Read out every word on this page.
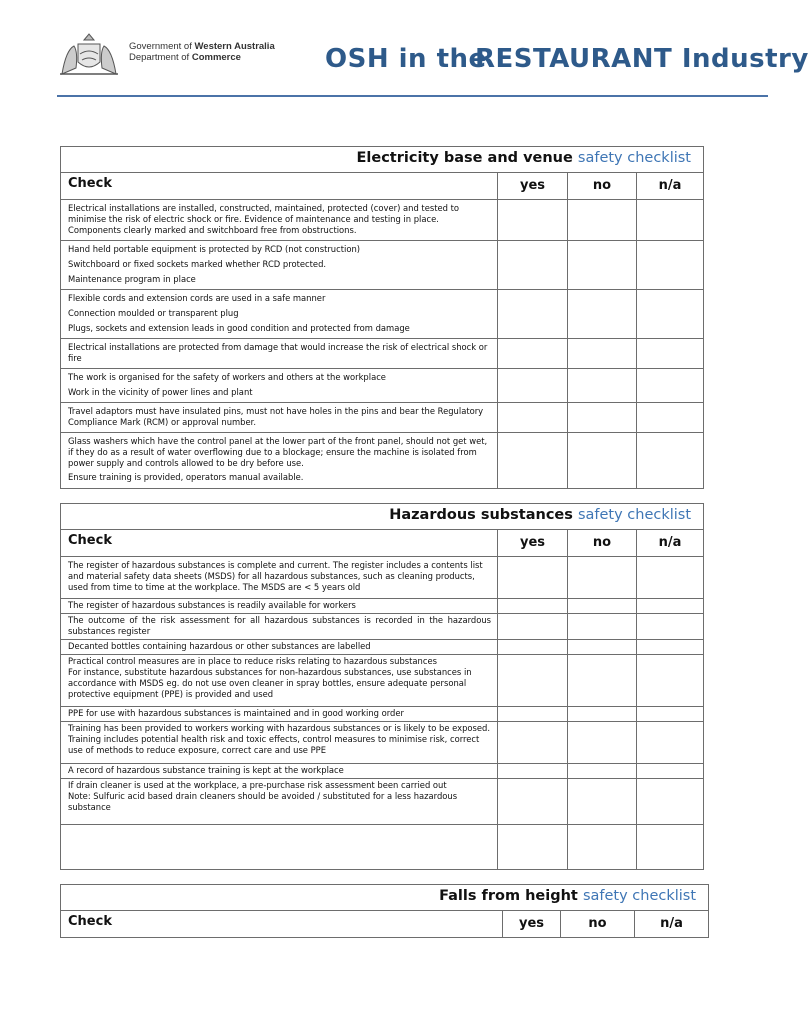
Government of Western Australia
Department of Commerce	OSH in the
RESTAURANT Industry
Electricity base and venue safety checklist			
Check	yes	no	n/a

Electrical installations are installed, constructed, maintained, protected (cover) and tested to minimise the risk of electric shock or fire. Evidence of maintenance and testing in place. Components clearly marked and switchboard free from obstructions.			

Hand held portable equipment is protected by RCD (not construction)
Switchboard or fixed sockets marked whether RCD protected.
Maintenance program in place			

Flexible cords and extension cords are used in a safe manner
Connection moulded or transparent plug
Plugs, sockets and extension leads in good condition and protected from damage			

Electrical installations are protected from damage that would increase the risk of electrical shock or fire			

The work is organised for the safety of workers and others at the workplace
Work in the vicinity of power lines and plant			

Travel adaptors must have insulated pins, must not have holes in the pins and bear the Regulatory Compliance Mark (RCM) or approval number.			

Glass washers which have the control panel at the lower part of the front panel, should not get wet, if they do as a result of water overflowing due to a blockage; ensure the machine is isolated from power supply and controls allowed to be dry before use.
Ensure training is provided, operators manual available.			

Hazardous substances safety checklist			
Check	yes	no	n/a

The register of hazardous substances is complete and current. The register includes a contents list and material safety data sheets (MSDS) for all hazardous substances, such as cleaning products, used from time to time at the workplace. The MSDS are < 5 years old			

The register of hazardous substances is readily available for workers			

The outcome of the risk assessment for all hazardous substances is recorded in the hazardous substances register			

Decanted bottles containing hazardous or other substances are labelled			

Practical control measures are in place to reduce risks relating to hazardous substances
For instance, substitute hazardous substances for non-hazardous substances, use substances in accordance with MSDS eg. do not use oven cleaner in spray bottles, ensure adequate personal protective equipment (PPE) is provided and used			

PPE for use with hazardous substances is maintained and in good working order			

Training has been provided to workers working with hazardous substances or is likely to be exposed. Training includes potential health risk and toxic effects, control measures to minimise risk, correct use of methods to reduce exposure, correct care and use PPE			

A record of hazardous substance training is kept at the workplace			

If drain cleaner is used at the workplace, a pre-purchase risk assessment been carried out
Note: Sulfuric acid based drain cleaners should be avoided / substituted for a less hazardous substance			

Falls from height safety checklist
Check	yes	no	n/a
